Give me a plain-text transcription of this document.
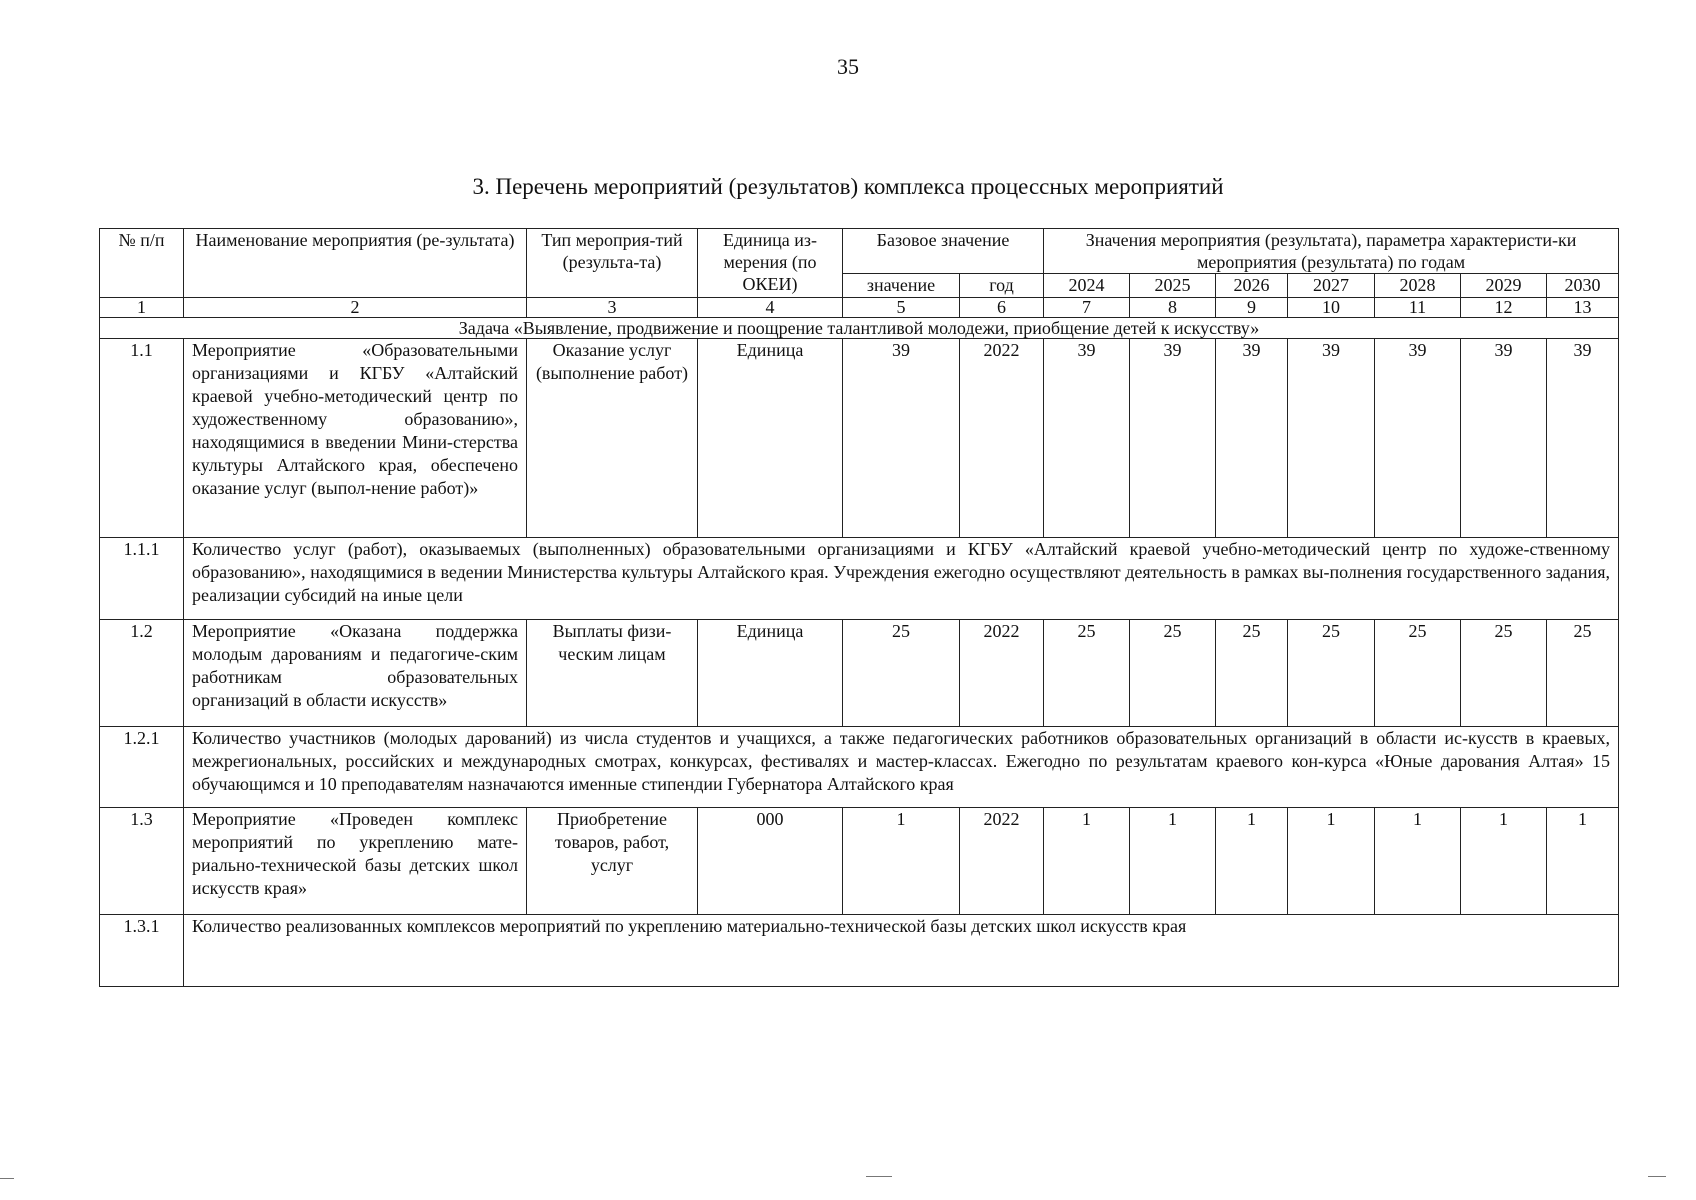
35
3. Перечень мероприятий (результатов) комплекса процессных мероприятий
№ п/п	Наименование мероприятия (ре-зультата)	Тип мероприя-тий (результа-та)	Единица из-мерения (по ОКЕИ)	Базовое значение		Значения мероприятия (результата), параметра характеристи-ки мероприятия (результата) по годам						
				значение	год	2024	2025	2026	2027	2028	2029	2030
1	2	3	4	5	6	7	8	9	10	11	12	13
Задача «Выявление, продвижение и поощрение талантливой молодежи, приобщение детей к искусству»												
1.1	Мероприятие «Образовательными организациями и КГБУ «Алтайский краевой учебно-методический центр по художественному образованию», находящимися в введении Мини-стерства культуры Алтайского края, обеспечено оказание услуг (выпол-нение работ)»	Оказание услуг (выполнение работ)	Единица	39	2022	39	39	39	39	39	39	39
1.1.1	Количество услуг (работ), оказываемых (выполненных) образовательными организациями и КГБУ «Алтайский краевой учебно-методический центр по художе-ственному образованию», находящимися в ведении Министерства культуры Алтайского края. Учреждения ежегодно осуществляют деятельность в рамках вы-полнения государственного задания, реализации субсидий на иные цели											
1.2	Мероприятие «Оказана поддержка молодым дарованиям и педагогиче-ским работникам образовательных организаций в области искусств»	Выплаты физи-ческим лицам	Единица	25	2022	25	25	25	25	25	25	25
1.2.1	Количество участников (молодых дарований) из числа студентов и учащихся, а также педагогических работников образовательных организаций в области ис-кусств в краевых, межрегиональных, российских и международных смотрах, конкурсах, фестивалях и мастер-классах. Ежегодно по результатам краевого кон-курса «Юные дарования Алтая» 15 обучающимся и 10 преподавателям назначаются именные стипендии Губернатора Алтайского края											
1.3	Мероприятие «Проведен комплекс мероприятий по укреплению мате-риально-технической базы детских школ искусств края»	Приобретение товаров, работ, услуг	000	1	2022	1	1	1	1	1	1	1
1.3.1	Количество реализованных комплексов мероприятий по укреплению материально-технической базы детских школ искусств края											
